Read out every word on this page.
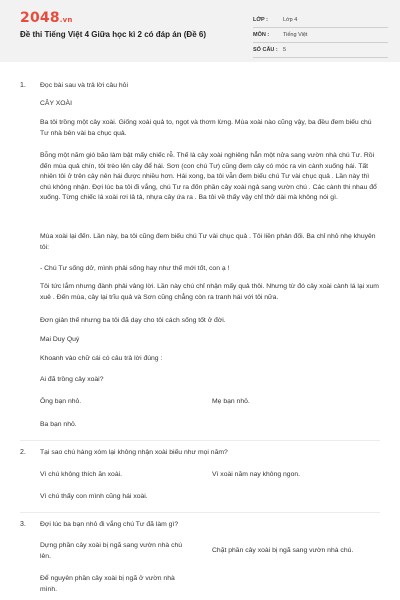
2048.vn
Đề thi Tiếng Việt 4 Giữa học kì 2 có đáp án (Đề 6)
LỚP :	Lớp 4
MÔN :	Tiếng Việt
SỐ CÂU : 5
1. Đọc bài sau và trả lời câu hỏi
CÂY XOÀI
Ba tôi trồng một cây xoài. Giống xoài quả to, ngọt và thơm lừng. Mùa xoài nào cũng vậy, ba đều đem biếu chú Tư nhà bên vài ba chục quả.
Bỗng một năm gió bão làm bật mấy chiếc rễ. Thế là cây xoài nghiêng hẳn một nửa sang vườn nhà chú Tư. Rồi đến mùa quả chín, tôi trèo lên cây để hái. Sơn (con chú Tư) cũng đem cây có móc ra vin cành xuống hái. Tất nhiên tôi ở trên cây nên hái được nhiều hơn. Hái xong, ba tôi vẫn đem biếu chú Tư vài chục quả . Lần này thì chú không nhận. Đợi lúc ba tôi đi vắng, chú Tư ra đốn phần cây xoài ngả sang vườn chú . Các cành thi nhau đổ xuống. Từng chiếc lá xoài rơi lả tả, nhựa cây ứa ra . Ba tôi về thấy vậy chỉ thở dài mà không nói gì.
Mùa xoài lại đến. Lần này, ba tôi cũng đem biếu chú Tư vài chục quả . Tôi liền phản đối. Ba chỉ nhỏ nhẹ khuyên tôi:
- Chú Tư sống dở, mình phải sống hay như thế mới tốt, con ạ !
Tôi tức lắm nhưng đành phải vâng lời. Lần này chú chỉ nhận mấy quả thôi. Nhưng từ đó cây xoài cành lá lại xum xuê . Đến mùa, cây lại trĩu quả và Sơn cũng chẳng còn ra tranh hái với tôi nữa.
Đơn giản thế nhưng ba tôi đã dạy cho tôi cách sống tốt ở đời.
Mai Duy Quý
Khoanh vào chữ cái có câu trả lời đúng :
Ai đã trồng cây xoài?
Ông bạn nhỏ.	Mẹ bạn nhỏ.
Ba bạn nhỏ.
2. Tại sao chú hàng xóm lại không nhận xoài biếu như mọi năm?
Vì chú không thích ăn xoài.	Vì xoài năm nay không ngon.
Vì chú thấy con mình cũng hái xoài.
3. Đợi lúc ba bạn nhỏ đi vắng chú Tư đã làm gì?
Dựng phần cây xoài bị ngã sang vườn nhà chú lên.
Chặt phần cây xoài bị ngã sang vườn nhà chú.
Để nguyên phần cây xoài bị ngã ở vườn nhà mình.
